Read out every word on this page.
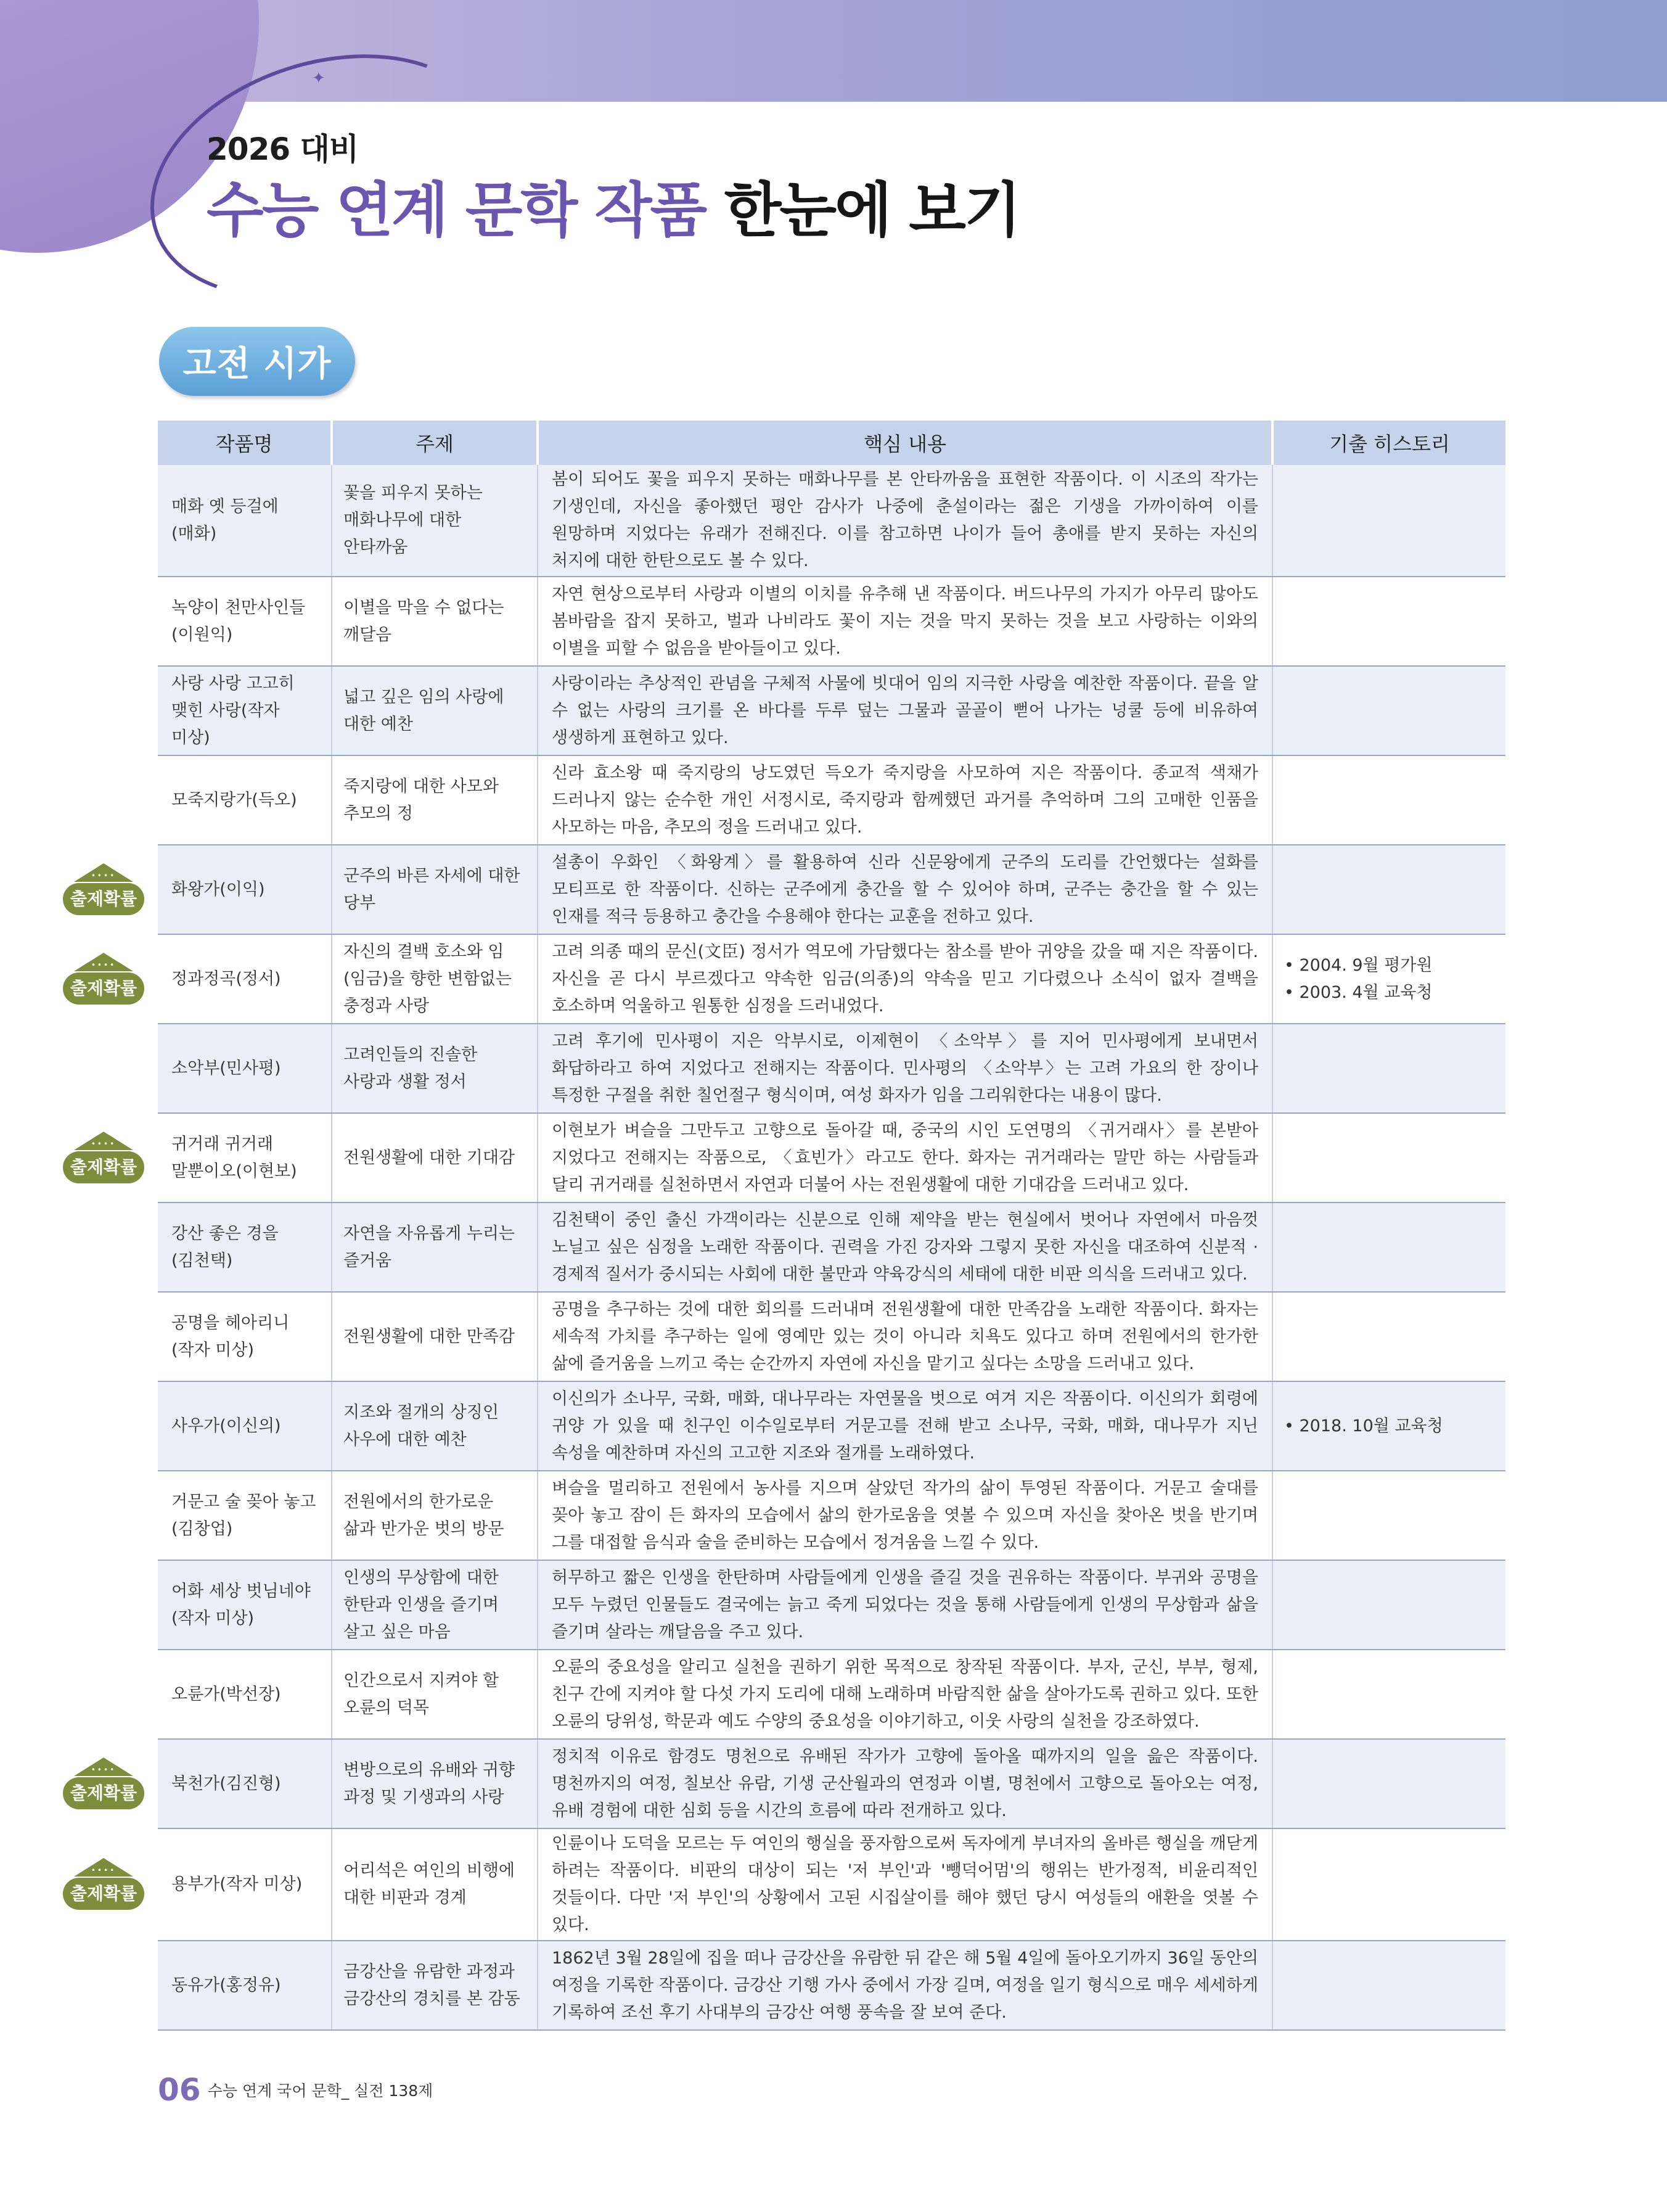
✦
2026 대비
수능 연계 문학 작품 한눈에 보기
고전 시가
작품명	주제	핵심 내용	기출 히스토리
매화 옛 등걸에 (매화)	꽃을 피우지 못하는 매화나무에 대한 안타까움	봄이 되어도 꽃을 피우지 못하는 매화나무를 본 안타까움을 표현한 작품이다. 이 시조의 작가는 기생인데, 자신을 좋아했던 평안 감사가 나중에 춘설이라는 젊은 기생을 가까이하여 이를 원망하며 지었다는 유래가 전해진다. 이를 참고하면 나이가 들어 총애를 받지 못하는 자신의 처지에 대한 한탄으로도 볼 수 있다.	
녹양이 천만사인들 (이원익)	이별을 막을 수 없다는 깨달음	자연 현상으로부터 사랑과 이별의 이치를 유추해 낸 작품이다. 버드나무의 가지가 아무리 많아도 봄바람을 잡지 못하고, 벌과 나비라도 꽃이 지는 것을 막지 못하는 것을 보고 사랑하는 이와의 이별을 피할 수 없음을 받아들이고 있다.	
사랑 사랑 고고히 맺힌 사랑(작자 미상)	넓고 깊은 임의 사랑에 대한 예찬	사랑이라는 추상적인 관념을 구체적 사물에 빗대어 임의 지극한 사랑을 예찬한 작품이다. 끝을 알 수 없는 사랑의 크기를 온 바다를 두루 덮는 그물과 골골이 뻗어 나가는 넝쿨 등에 비유하여 생생하게 표현하고 있다.	
모죽지랑가(득오)	죽지랑에 대한 사모와 추모의 정	신라 효소왕 때 죽지랑의 낭도였던 득오가 죽지랑을 사모하여 지은 작품이다. 종교적 색채가 드러나지 않는 순수한 개인 서정시로, 죽지랑과 함께했던 과거를 추억하며 그의 고매한 인품을 사모하는 마음, 추모의 정을 드러내고 있다.	
화왕가(이익)	군주의 바른 자세에 대한 당부	설총이 우화인 〈화왕계〉를 활용하여 신라 신문왕에게 군주의 도리를 간언했다는 설화를 모티프로 한 작품이다. 신하는 군주에게 충간을 할 수 있어야 하며, 군주는 충간을 할 수 있는 인재를 적극 등용하고 충간을 수용해야 한다는 교훈을 전하고 있다.	
정과정곡(정서)	자신의 결백 호소와 임(임금)을 향한 변함없는 충정과 사랑	고려 의종 때의 문신(文臣) 정서가 역모에 가담했다는 참소를 받아 귀양을 갔을 때 지은 작품이다. 자신을 곧 다시 부르겠다고 약속한 임금(의종)의 약속을 믿고 기다렸으나 소식이 없자 결백을 호소하며 억울하고 원통한 심정을 드러내었다.	• 2004. 9월 평가원
• 2003. 4월 교육청

소악부(민사평)	고려인들의 진솔한 사랑과 생활 정서	고려 후기에 민사평이 지은 악부시로, 이제현이 〈소악부〉를 지어 민사평에게 보내면서 화답하라고 하여 지었다고 전해지는 작품이다. 민사평의 〈소악부〉는 고려 가요의 한 장이나 특정한 구절을 취한 칠언절구 형식이며, 여성 화자가 임을 그리워한다는 내용이 많다.	
귀거래 귀거래 말뿐이오(이현보)	전원생활에 대한 기대감	이현보가 벼슬을 그만두고 고향으로 돌아갈 때, 중국의 시인 도연명의 〈귀거래사〉를 본받아 지었다고 전해지는 작품으로, 〈효빈가〉라고도 한다. 화자는 귀거래라는 말만 하는 사람들과 달리 귀거래를 실천하면서 자연과 더불어 사는 전원생활에 대한 기대감을 드러내고 있다.	
강산 좋은 경을 (김천택)	자연을 자유롭게 누리는 즐거움	김천택이 중인 출신 가객이라는 신분으로 인해 제약을 받는 현실에서 벗어나 자연에서 마음껏 노닐고 싶은 심정을 노래한 작품이다. 권력을 가진 강자와 그렇지 못한 자신을 대조하여 신분적 · 경제적 질서가 중시되는 사회에 대한 불만과 약육강식의 세태에 대한 비판 의식을 드러내고 있다.	
공명을 헤아리니 (작자 미상)	전원생활에 대한 만족감	공명을 추구하는 것에 대한 회의를 드러내며 전원생활에 대한 만족감을 노래한 작품이다. 화자는 세속적 가치를 추구하는 일에 영예만 있는 것이 아니라 치욕도 있다고 하며 전원에서의 한가한 삶에 즐거움을 느끼고 죽는 순간까지 자연에 자신을 맡기고 싶다는 소망을 드러내고 있다.	
사우가(이신의)	지조와 절개의 상징인 사우에 대한 예찬	이신의가 소나무, 국화, 매화, 대나무라는 자연물을 벗으로 여겨 지은 작품이다. 이신의가 회령에 귀양 가 있을 때 친구인 이수일로부터 거문고를 전해 받고 소나무, 국화, 매화, 대나무가 지닌 속성을 예찬하며 자신의 고고한 지조와 절개를 노래하였다.	• 2018. 10월 교육청

거문고 술 꽂아 놓고 (김창업)	전원에서의 한가로운 삶과 반가운 벗의 방문	벼슬을 멀리하고 전원에서 농사를 지으며 살았던 작가의 삶이 투영된 작품이다. 거문고 술대를 꽂아 놓고 잠이 든 화자의 모습에서 삶의 한가로움을 엿볼 수 있으며 자신을 찾아온 벗을 반기며 그를 대접할 음식과 술을 준비하는 모습에서 정겨움을 느낄 수 있다.	
어화 세상 벗님네야 (작자 미상)	인생의 무상함에 대한 한탄과 인생을 즐기며 살고 싶은 마음	허무하고 짧은 인생을 한탄하며 사람들에게 인생을 즐길 것을 권유하는 작품이다. 부귀와 공명을 모두 누렸던 인물들도 결국에는 늙고 죽게 되었다는 것을 통해 사람들에게 인생의 무상함과 삶을 즐기며 살라는 깨달음을 주고 있다.	
오륜가(박선장)	인간으로서 지켜야 할 오륜의 덕목	오륜의 중요성을 알리고 실천을 권하기 위한 목적으로 창작된 작품이다. 부자, 군신, 부부, 형제, 친구 간에 지켜야 할 다섯 가지 도리에 대해 노래하며 바람직한 삶을 살아가도록 권하고 있다. 또한 오륜의 당위성, 학문과 예도 수양의 중요성을 이야기하고, 이웃 사랑의 실천을 강조하였다.	
북천가(김진형)	변방으로의 유배와 귀향 과정 및 기생과의 사랑	정치적 이유로 함경도 명천으로 유배된 작가가 고향에 돌아올 때까지의 일을 읊은 작품이다. 명천까지의 여정, 칠보산 유람, 기생 군산월과의 연정과 이별, 명천에서 고향으로 돌아오는 여정, 유배 경험에 대한 심회 등을 시간의 흐름에 따라 전개하고 있다.	
용부가(작자 미상)	어리석은 여인의 비행에 대한 비판과 경계	인륜이나 도덕을 모르는 두 여인의 행실을 풍자함으로써 독자에게 부녀자의 올바른 행실을 깨닫게 하려는 작품이다. 비판의 대상이 되는 '저 부인'과 '뺑덕어멈'의 행위는 반가정적, 비윤리적인 것들이다. 다만 '저 부인'의 상황에서 고된 시집살이를 해야 했던 당시 여성들의 애환을 엿볼 수 있다.	
동유가(홍정유)	금강산을 유람한 과정과 금강산의 경치를 본 감동	1862년 3월 28일에 집을 떠나 금강산을 유람한 뒤 같은 해 5월 4일에 돌아오기까지 36일 동안의 여정을 기록한 작품이다. 금강산 기행 가사 중에서 가장 길며, 여정을 일기 형식으로 매우 세세하게 기록하여 조선 후기 사대부의 금강산 여행 풍속을 잘 보여 준다.	
••••
출제확률
••••
출제확률
••••
출제확률
••••
출제확률
••••
출제확률
06 수능 연계 국어 문학_ 실전 138제
